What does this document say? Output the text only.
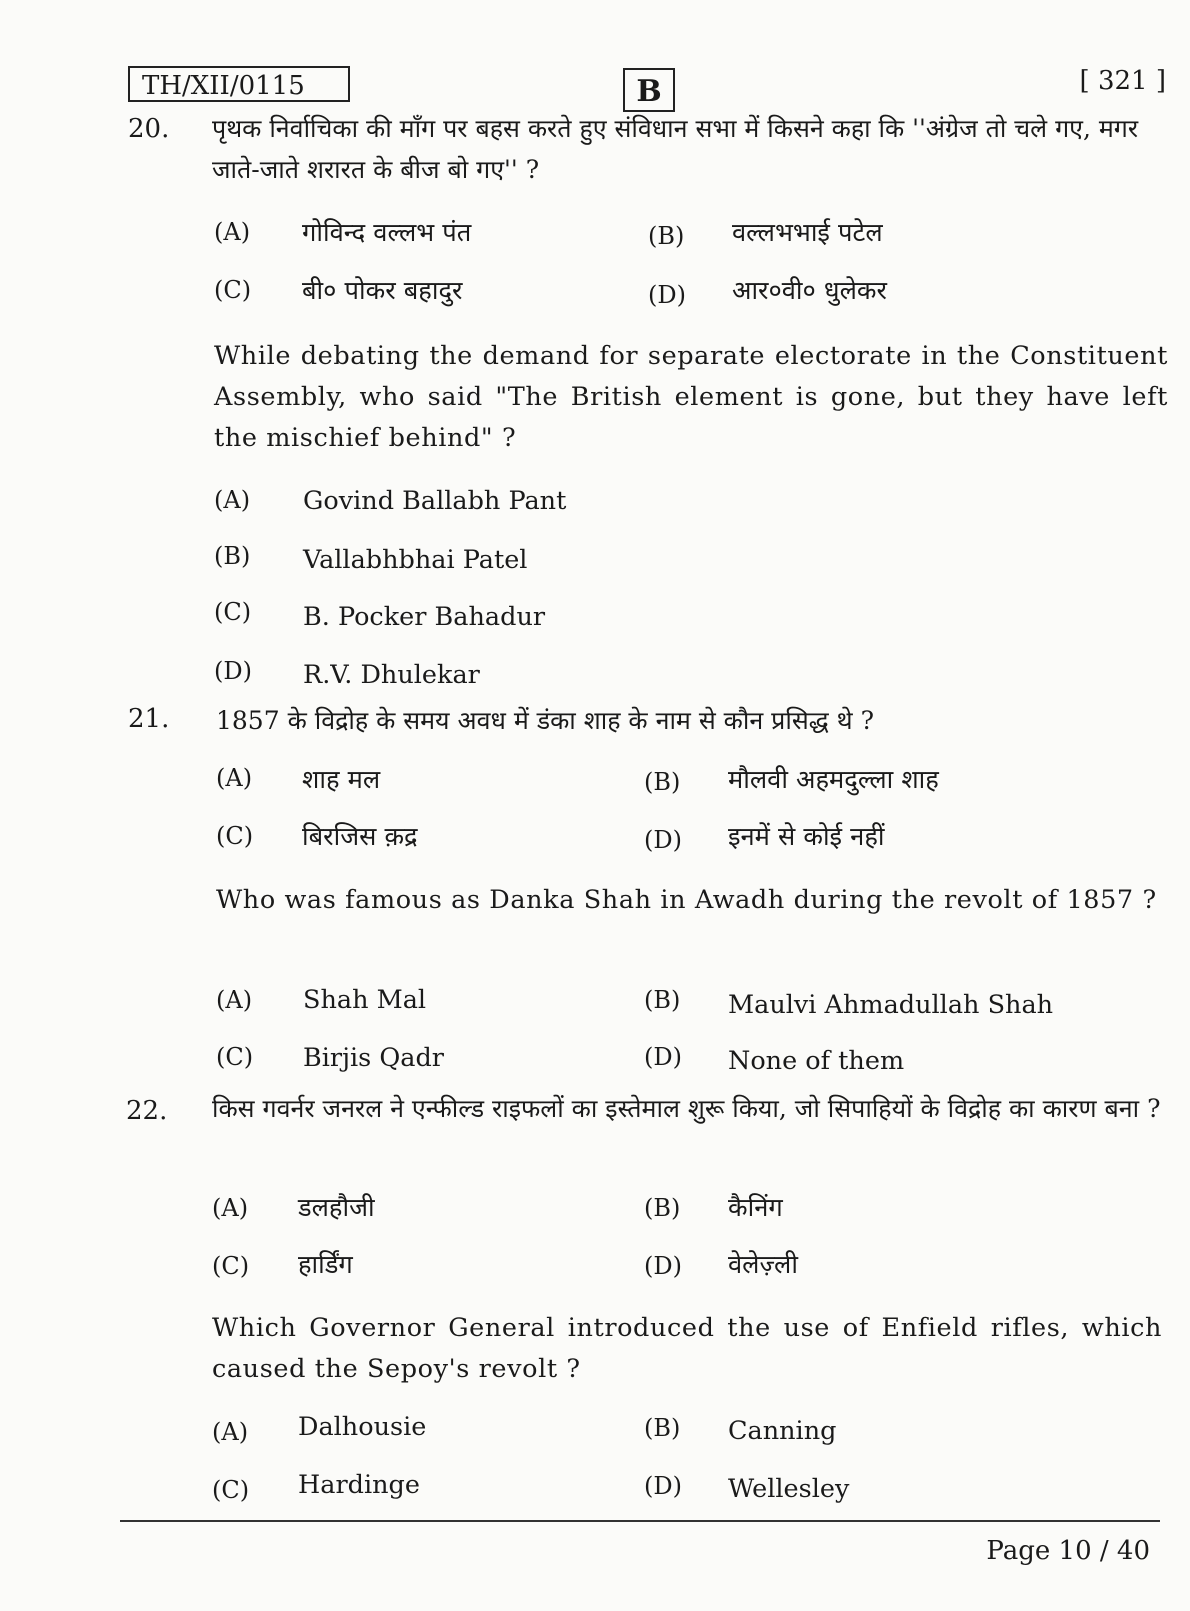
TH/XII/0115	B	[ 321 ]
20. पृथक निर्वाचिका की माँग पर बहस करते हुए संविधान सभा में किसने कहा कि ''अंग्रेज तो चले गए, मगर जाते-जाते शरारत के बीज बो गए'' ?
(A) गोविन्द वल्लभ पंत	(B) वल्लभभाई पटेल
(C) बी० पोकर बहादुर	(D) आर०वी० धुलेकर
While debating the demand for separate electorate in the Constituent Assembly, who said "The British element is gone, but they have left the mischief behind" ?
(A) Govind Ballabh Pant
(B) Vallabhbhai Patel
(C) B. Pocker Bahadur
(D) R.V. Dhulekar
21. 1857 के विद्रोह के समय अवध में डंका शाह के नाम से कौन प्रसिद्ध थे ?
(A) शाह मल	(B) मौलवी अहमदुल्ला शाह
(C) बिरजिस क़द्र	(D) इनमें से कोई नहीं
Who was famous as Danka Shah in Awadh during the revolt of 1857 ?
(A) Shah Mal	(B) Maulvi Ahmadullah Shah
(C) Birjis Qadr	(D) None of them
22. किस गवर्नर जनरल ने एन्फील्ड राइफलों का इस्तेमाल शुरू किया, जो सिपाहियों के विद्रोह का कारण बना ?
(A) डलहौजी	(B) कैनिंग
(C) हार्डिंग	(D) वेलेज़्ली
Which Governor General introduced the use of Enfield rifles, which caused the Sepoy's revolt ?
(A) Dalhousie	(B) Canning
(C) Hardinge	(D) Wellesley
Page 10 / 40
